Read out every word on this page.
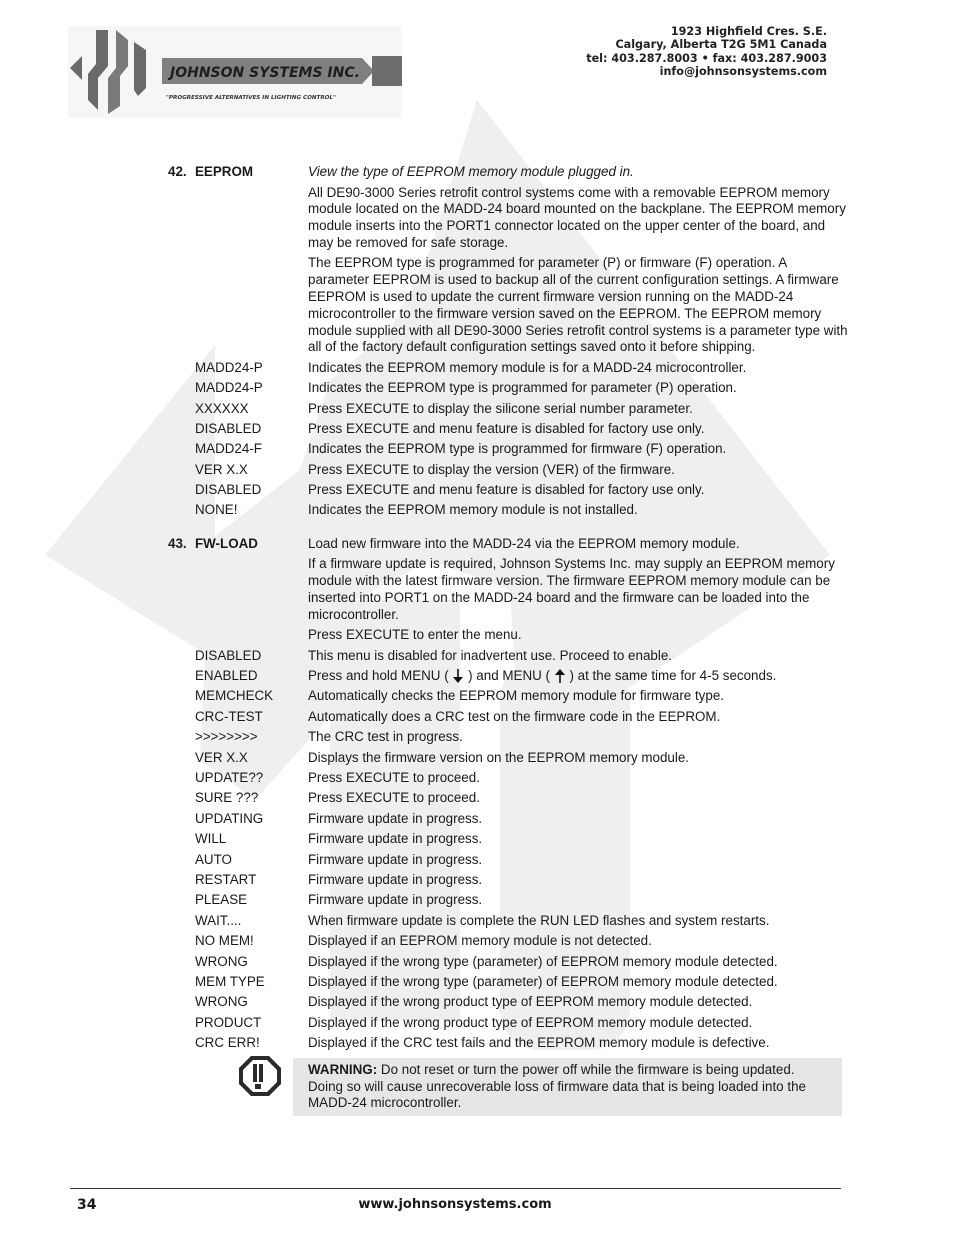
JOHNSON SYSTEMS INC.
"PROGRESSIVE ALTERNATIVES IN LIGHTING CONTROL"
1923 Highfield Cres. S.E.
Calgary, Alberta T2G 5M1 Canada
tel: 403.287.8003 • fax: 403.287.9003
info@johnsonsystems.com
42. EEPROM	View the type of EEPROM memory module plugged in.
All DE90-3000 Series retrofit control systems come with a removable EEPROM memory module located on the MADD-24 board mounted on the backplane. The EEPROM memory module inserts into the PORT1 connector located on the upper center of the board, and may be removed for safe storage.
The EEPROM type is programmed for parameter (P) or firmware (F) operation. A parameter EEPROM is used to backup all of the current configuration settings. A firmware EEPROM is used to update the current firmware version running on the MADD-24 microcontroller to the firmware version saved on the EEPROM. The EEPROM memory module supplied with all DE90-3000 Series retrofit control systems is a parameter type with all of the factory default configuration settings saved onto it before shipping.
MADD24-P	Indicates the EEPROM memory module is for a MADD-24 microcontroller.
MADD24-P	Indicates the EEPROM type is programmed for parameter (P) operation.
XXXXXX	Press EXECUTE to display the silicone serial number parameter.
DISABLED	Press EXECUTE and menu feature is disabled for factory use only.
MADD24-F	Indicates the EEPROM type is programmed for firmware (F) operation.
VER X.X	Press EXECUTE to display the version (VER) of the firmware.
DISABLED	Press EXECUTE and menu feature is disabled for factory use only.
NONE!	Indicates the EEPROM memory module is not installed.
43. FW-LOAD	Load new firmware into the MADD-24 via the EEPROM memory module.
If a firmware update is required, Johnson Systems Inc. may supply an EEPROM memory module with the latest firmware version. The firmware EEPROM memory module can be inserted into PORT1 on the MADD-24 board and the firmware can be loaded into the microcontroller.
Press EXECUTE to enter the menu.
DISABLED	This menu is disabled for inadvertent use. Proceed to enable.
ENABLED	Press and hold MENU ( ) and MENU ( ) at the same time for 4-5 seconds.
MEMCHECK	Automatically checks the EEPROM memory module for firmware type.
CRC-TEST	Automatically does a CRC test on the firmware code in the EEPROM.
>>>>>>>>	The CRC test in progress.
VER X.X	Displays the firmware version on the EEPROM memory module.
UPDATE??	Press EXECUTE to proceed.
SURE ???	Press EXECUTE to proceed.
UPDATING	Firmware update in progress.
WILL	Firmware update in progress.
AUTO	Firmware update in progress.
RESTART	Firmware update in progress.
PLEASE	Firmware update in progress.
WAIT....	When firmware update is complete the RUN LED flashes and system restarts.
NO MEM!	Displayed if an EEPROM memory module is not detected.
WRONG	Displayed if the wrong type (parameter) of EEPROM memory module detected.
MEM TYPE	Displayed if the wrong type (parameter) of EEPROM memory module detected.
WRONG	Displayed if the wrong product type of EEPROM memory module detected.
PRODUCT	Displayed if the wrong product type of EEPROM memory module detected.
CRC ERR!	Displayed if the CRC test fails and the EEPROM memory module is defective.
WARNING: Do not reset or turn the power off while the firmware is being updated. Doing so will cause unrecoverable loss of firmware data that is being loaded into the MADD-24 microcontroller.
34	www.johnsonsystems.com
